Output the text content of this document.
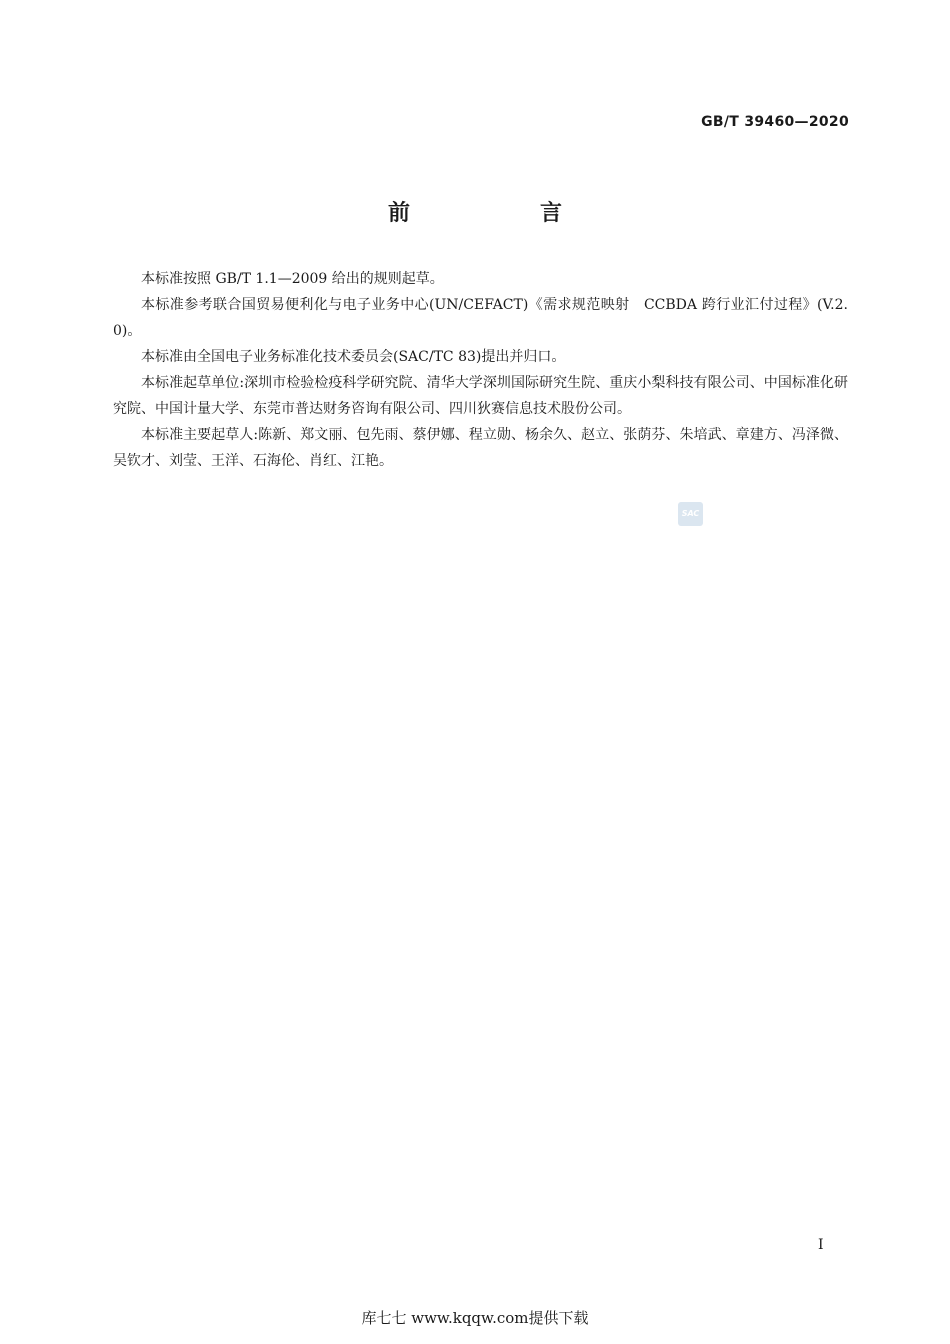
GB/T 39460—2020
前　言

本标准按照 GB/T 1.1—2009 给出的规则起草。

本标准参考联合国贸易便利化与电子业务中心(UN/CEFACT)《需求规范映射　CCBDA 跨行业汇付过程》(V.2.0)。

本标准由全国电子业务标准化技术委员会(SAC/TC 83)提出并归口。

本标准起草单位:深圳市检验检疫科学研究院、清华大学深圳国际研究生院、重庆小梨科技有限公司、中国标准化研究院、中国计量大学、东莞市普达财务咨询有限公司、四川狄赛信息技术股份公司。

本标准主要起草人:陈新、郑文丽、包先雨、蔡伊娜、程立勋、杨余久、赵立、张荫芬、朱培武、章建方、冯泽微、吴钦才、刘莹、王洋、石海伦、肖红、江艳。

SAC
I
库七七 www.kqqw.com提供下载
